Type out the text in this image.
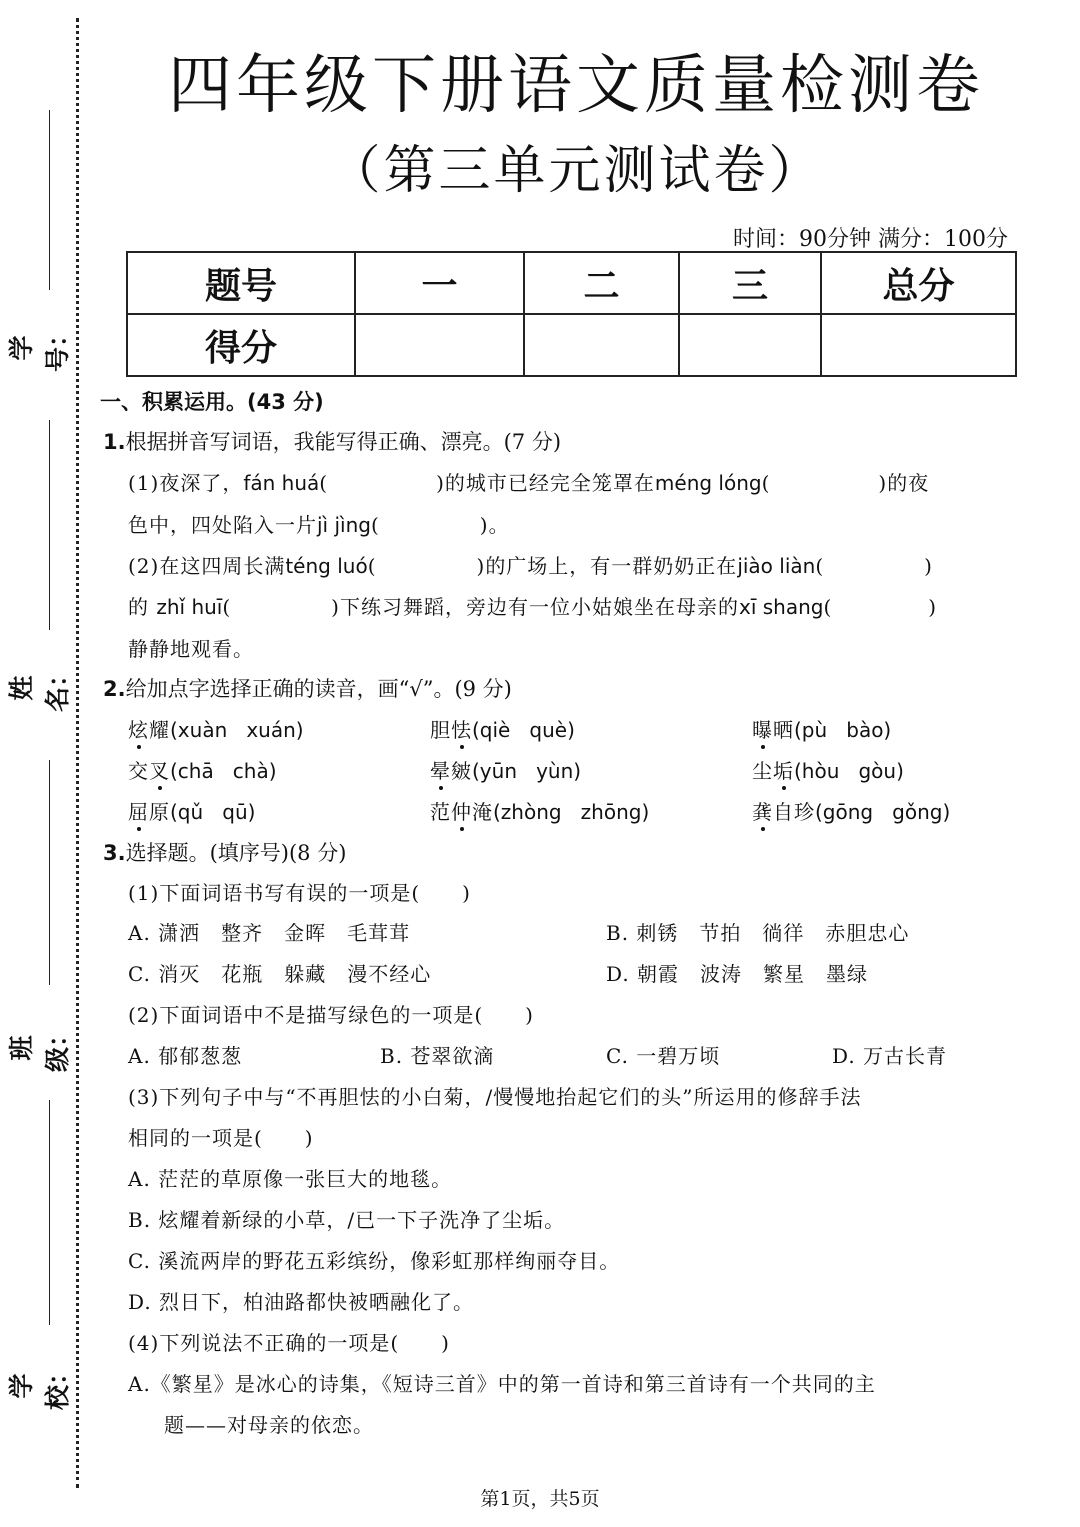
学号：
姓名：
班级：
学校：
四年级下册语文质量检测卷
（第三单元测试卷）
时间：90分钟 满分：100分
题号	一	二	三	总分
得分				
一、积累运用。(43 分)
1.根据拼音写词语，我能写得正确、漂亮。(7 分)
(1)夜深了，fán huá(	)的城市已经完全笼罩在méng lóng(	)的夜
色中，四处陷入一片jì jìng(	)。
(2)在这四周长满téng luó(	)的广场上，有一群奶奶正在jiào liàn(	)
的 zhǐ huī(	)下练习舞蹈，旁边有一位小姑娘坐在母亲的xī shang(	)
静静地观看。
2.给加点字选择正确的读音，画“√”。(9 分)
炫耀(xuàn   xuán)	胆怯(qiè   què)	曝晒(pù   bào)
交叉(chā   chà)	晕皴(yūn   yùn)	尘垢(hòu   gòu)
屈原(qǔ   qū)	范仲淹(zhòng   zhōng)	龚自珍(gōng   gǒng)
3.选择题。(填序号)(8 分)
(1)下面词语书写有误的一项是(　　)
A. 潇洒　整齐　金晖　毛茸茸	B. 刺锈　节拍　徜徉　赤胆忠心
C. 消灭　花瓶　躲藏　漫不经心	D. 朝霞　波涛　繁星　墨绿
(2)下面词语中不是描写绿色的一项是(　　)
A. 郁郁葱葱	B. 苍翠欲滴	C. 一碧万顷	D. 万古长青
(3)下列句子中与“不再胆怯的小白菊，/慢慢地抬起它们的头”所运用的修辞手法
相同的一项是(　　)
A. 茫茫的草原像一张巨大的地毯。
B. 炫耀着新绿的小草，/已一下子洗净了尘垢。
C. 溪流两岸的野花五彩缤纷，像彩虹那样绚丽夺目。
D. 烈日下，柏油路都快被晒融化了。
(4)下列说法不正确的一项是(　　)
A.《繁星》是冰心的诗集，《短诗三首》中的第一首诗和第三首诗有一个共同的主
题——对母亲的依恋。
第1页，共5页
